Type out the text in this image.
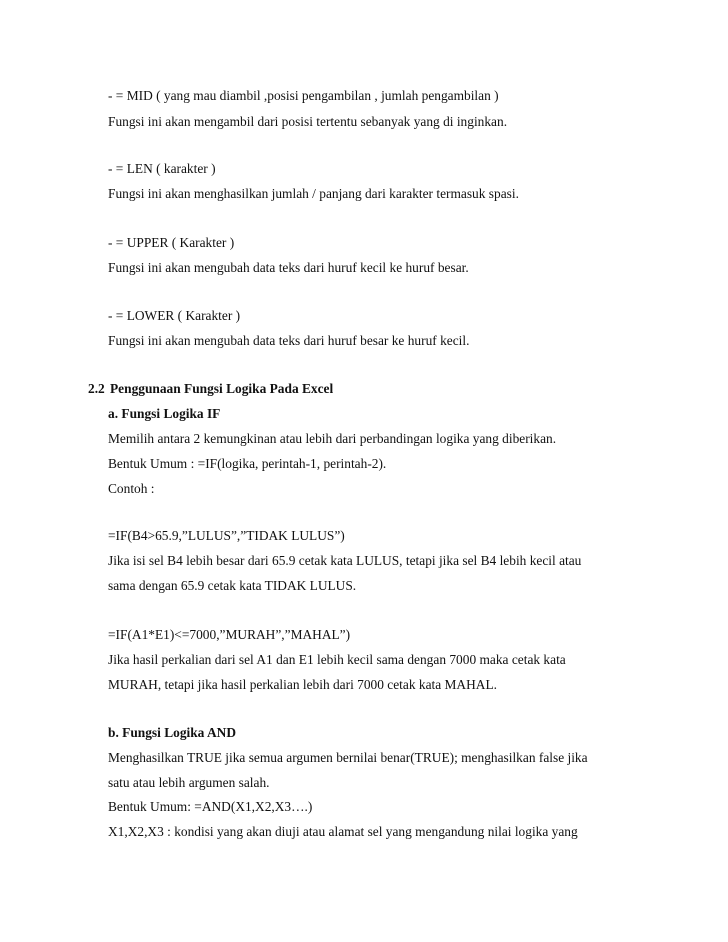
- = MID ( yang mau diambil ,posisi pengambilan , jumlah pengambilan )
Fungsi ini akan mengambil dari posisi tertentu sebanyak yang di inginkan.
- = LEN ( karakter )
Fungsi ini akan menghasilkan jumlah / panjang dari karakter termasuk spasi.
- = UPPER ( Karakter )
Fungsi ini akan mengubah data teks dari huruf kecil ke huruf besar.
- = LOWER ( Karakter )
Fungsi ini akan mengubah data teks dari huruf besar ke huruf kecil.
2.2 Penggunaan Fungsi Logika Pada Excel
a. Fungsi Logika IF
Memilih antara 2 kemungkinan atau lebih dari perbandingan logika yang diberikan.
Bentuk Umum : =IF(logika, perintah-1, perintah-2).
Contoh :
=IF(B4>65.9,”LULUS”,”TIDAK LULUS”)
Jika isi sel B4 lebih besar dari 65.9 cetak kata LULUS, tetapi jika sel B4 lebih kecil atau
sama dengan 65.9 cetak kata TIDAK LULUS.
=IF(A1*E1)<=7000,”MURAH”,”MAHAL”)
Jika hasil perkalian dari sel A1 dan E1 lebih kecil sama dengan 7000 maka cetak kata
MURAH, tetapi jika hasil perkalian lebih dari 7000 cetak kata MAHAL.
b. Fungsi Logika AND
Menghasilkan TRUE jika semua argumen bernilai benar(TRUE); menghasilkan false jika
satu atau lebih argumen salah.
Bentuk Umum: =AND(X1,X2,X3….)
X1,X2,X3 : kondisi yang akan diuji atau alamat sel yang mengandung nilai logika yang
